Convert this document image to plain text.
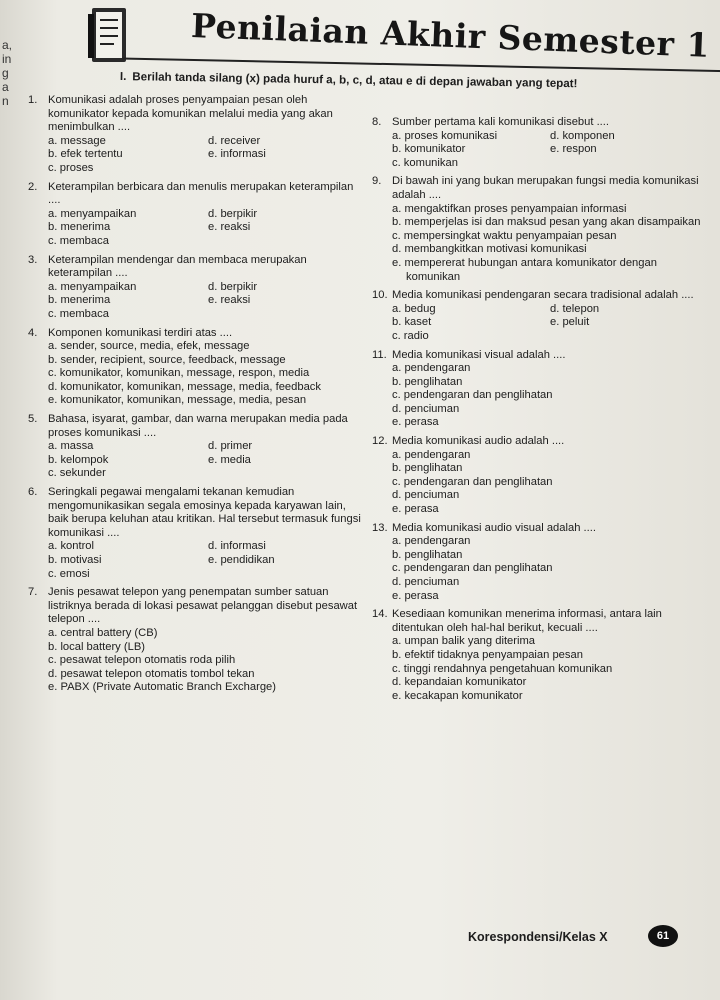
a,
in
g
a
n
Penilaian Akhir Semester 1
I. Berilah tanda silang (x) pada huruf a, b, c, d, atau e di depan jawaban yang tepat!
1. Komunikasi adalah proses penyampaian pesan oleh komunikator kepada komunikan melalui media yang akan menimbulkan ....
a. message	d. receiver
b. efek tertentu	e. informasi
c. proses
2. Keterampilan berbicara dan menulis merupakan keterampilan ....
a. menyampaikan	d. berpikir
b. menerima	e. reaksi
c. membaca
3. Keterampilan mendengar dan membaca merupakan keterampilan ....
a. menyampaikan	d. berpikir
b. menerima	e. reaksi
c. membaca
4. Komponen komunikasi terdiri atas ....
a. sender, source, media, efek, message
b. sender, recipient, source, feedback, message
c. komunikator, komunikan, message, respon, media
d. komunikator, komunikan, message, media, feedback
e. komunikator, komunikan, message, media, pesan
5. Bahasa, isyarat, gambar, dan warna merupakan media pada proses komunikasi ....
a. massa	d. primer
b. kelompok	e. media
c. sekunder
6. Seringkali pegawai mengalami tekanan kemudian mengomunikasikan segala emosinya kepada karyawan lain, baik berupa keluhan atau kritikan. Hal tersebut termasuk fungsi komunikasi ....
a. kontrol	d. informasi
b. motivasi	e. pendidikan
c. emosi
7. Jenis pesawat telepon yang penempatan sumber satuan listriknya berada di lokasi pesawat pelanggan disebut pesawat telepon ....
a. central battery (CB)
b. local battery (LB)
c. pesawat telepon otomatis roda pilih
d. pesawat telepon otomatis tombol tekan
e. PABX (Private Automatic Branch Excharge)
8. Sumber pertama kali komunikasi disebut ....
a. proses komunikasi	d. komponen
b. komunikator	e. respon
c. komunikan
9. Di bawah ini yang bukan merupakan fungsi media komunikasi adalah ....
a. mengaktifkan proses penyampaian informasi
b. memperjelas isi dan maksud pesan yang akan disampaikan
c. mempersingkat waktu penyampaian pesan
d. membangkitkan motivasi komunikasi
e. mempererat hubungan antara komunikator dengan komunikan
10. Media komunikasi pendengaran secara tradisional adalah ....
a. bedug	d. telepon
b. kaset	e. peluit
c. radio
11. Media komunikasi visual adalah ....
a. pendengaran
b. penglihatan
c. pendengaran dan penglihatan
d. penciuman
e. perasa
12. Media komunikasi audio adalah ....
a. pendengaran
b. penglihatan
c. pendengaran dan penglihatan
d. penciuman
e. perasa
13. Media komunikasi audio visual adalah ....
a. pendengaran
b. penglihatan
c. pendengaran dan penglihatan
d. penciuman
e. perasa
14. Kesediaan komunikan menerima informasi, antara lain ditentukan oleh hal-hal berikut, kecuali ....
a. umpan balik yang diterima
b. efektif tidaknya penyampaian pesan
c. tinggi rendahnya pengetahuan komunikan
d. kepandaian komunikator
e. kecakapan komunikator
Korespondensi/Kelas X	61
